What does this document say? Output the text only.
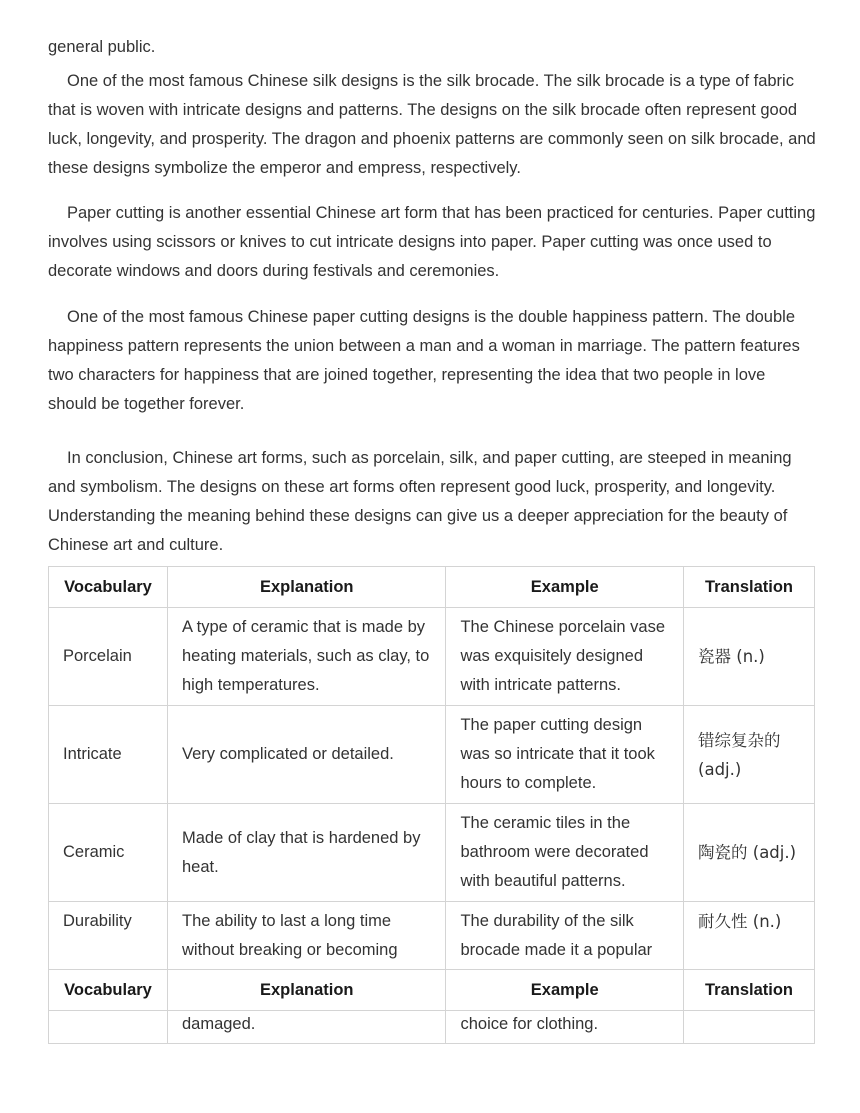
general public.

One of the most famous Chinese silk designs is the silk brocade. The silk brocade is a type of fabric that is woven with intricate designs and patterns. The designs on the silk brocade often represent good luck, longevity, and prosperity. The dragon and phoenix patterns are commonly seen on silk brocade, and these designs symbolize the emperor and empress, respectively.

Paper cutting is another essential Chinese art form that has been practiced for centuries. Paper cutting involves using scissors or knives to cut intricate designs into paper. Paper cutting was once used to decorate windows and doors during festivals and ceremonies.

One of the most famous Chinese paper cutting designs is the double happiness pattern. The double happiness pattern represents the union between a man and a woman in marriage. The pattern features two characters for happiness that are joined together, representing the idea that two people in love should be together forever.

In conclusion, Chinese art forms, such as porcelain, silk, and paper cutting, are steeped in meaning and symbolism. The designs on these art forms often represent good luck, prosperity, and longevity. Understanding the meaning behind these designs can give us a deeper appreciation for the beauty of Chinese art and culture.

Vocabulary	Explanation	Example	Translation
Porcelain	A type of ceramic that is made by heating materials, such as clay, to high temperatures.	The Chinese porcelain vase was exquisitely designed with intricate patterns.	瓷器 (n.)
Intricate	Very complicated or detailed.	The paper cutting design was so intricate that it took hours to complete.	错综复杂的 (adj.)
Ceramic	Made of clay that is hardened by heat.	The ceramic tiles in the bathroom were decorated with beautiful patterns.	陶瓷的 (adj.)
Durability	The ability to last a long time without breaking or becoming	The durability of the silk brocade made it a popular	耐久性 (n.)
Vocabulary	Explanation	Example	Translation
	damaged.	choice for clothing.	
